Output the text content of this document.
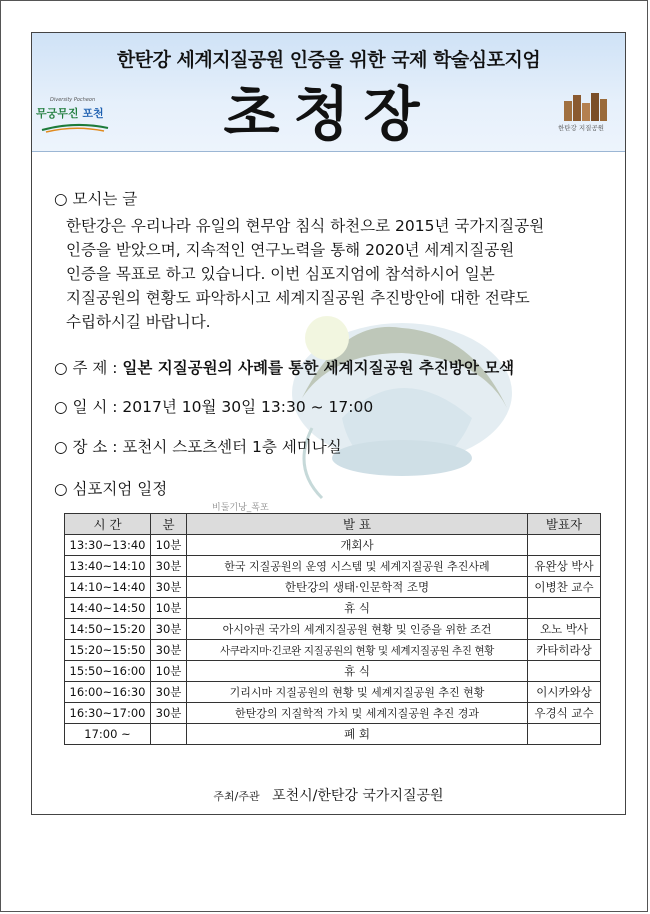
한탄강 세계지질공원 인증을 위한 국제 학술심포지엄
초청장
Diversity Pocheon
무궁무진 포천
한탄강 지질공원
○ 모시는 글
한탄강은 우리나라 유일의 현무암 침식 하천으로 2015년 국가지질공원
인증을 받았으며, 지속적인 연구노력을 통해 2020년 세계지질공원
인증을 목표로 하고 있습니다. 이번 심포지엄에 참석하시어 일본
지질공원의 현황도 파악하시고 세계지질공원 추진방안에 대한 전략도
수립하시길 바랍니다.
○ 주 제 : 일본 지질공원의 사례를 통한 세계지질공원 추진방안 모색
○ 일 시 : 2017년 10월 30일 13:30 ~ 17:00
○ 장 소 : 포천시 스포츠센터 1층 세미나실
○ 심포지엄 일정
비둘기낭_폭포
시 간	분	발 표	발표자
13:30~13:40	10분	개회사	
13:40~14:10	30분	한국 지질공원의 운영 시스템 및 세계지질공원 추진사례	유완상 박사
14:10~14:40	30분	한탄강의 생태·인문학적 조명	이병찬 교수
14:40~14:50	10분	휴 식	
14:50~15:20	30분	아시아권 국가의 세계지질공원 현황 및 인증을 위한 조건	오노 박사
15:20~15:50	30분	사쿠라지마·긴코완 지질공원의 현황 및 세계지질공원 추진 현황	카타히라상
15:50~16:00	10분	휴 식	
16:00~16:30	30분	기리시마 지질공원의 현황 및 세계지질공원 추진 현황	이시카와상
16:30~17:00	30분	한탄강의 지질학적 가치 및 세계지질공원 추진 경과	우경식 교수
17:00 ~		폐 회	
주최/주관 포천시/한탄강 국가지질공원
